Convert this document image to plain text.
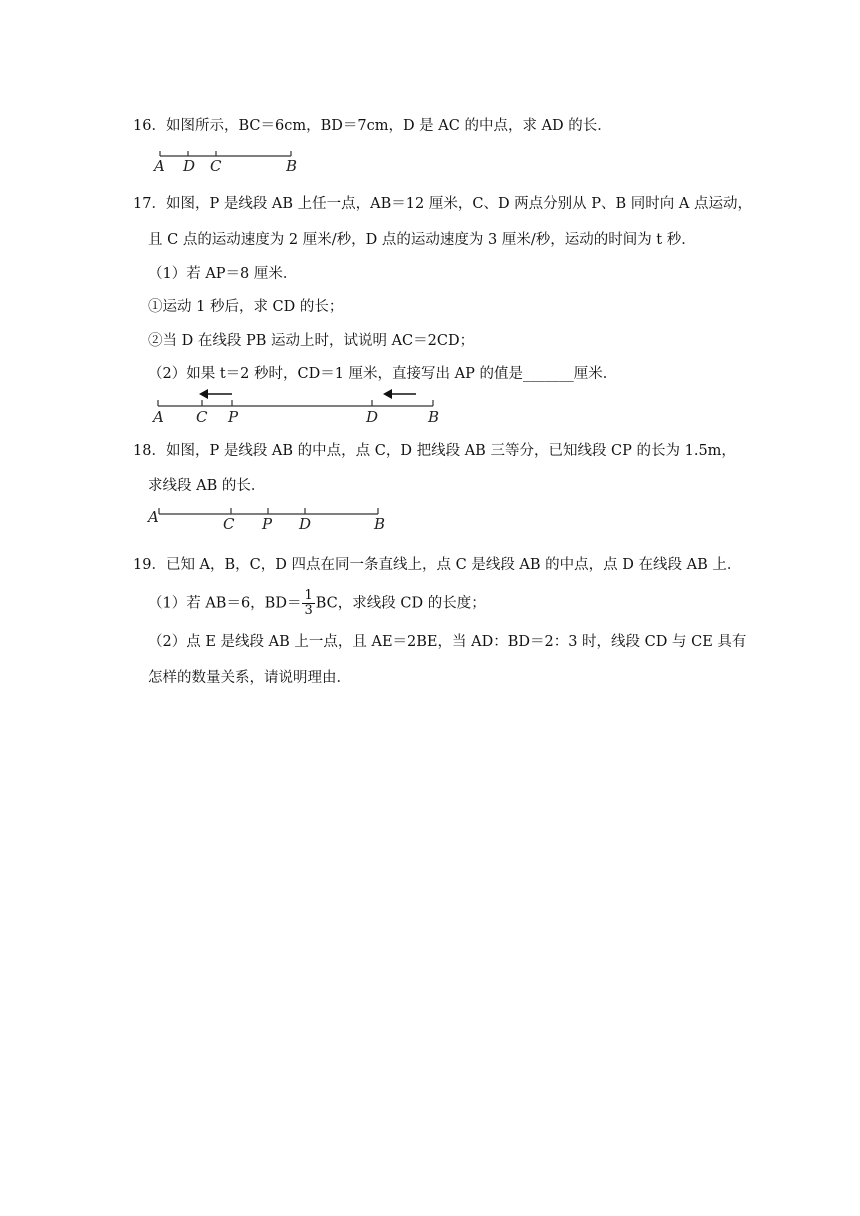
16．如图所示，BC＝6cm，BD＝7cm，D 是 AC 的中点，求 AD 的长．
A D C	B
17．如图，P 是线段 AB 上任一点，AB＝12 厘米，C、D 两点分别从 P、B 同时向 A 点运动，
且 C 点的运动速度为 2 厘米/秒，D 点的运动速度为 3 厘米/秒，运动的时间为 t 秒．
（1）若 AP＝8 厘米．
①运动 1 秒后，求 CD 的长；
②当 D 在线段 PB 运动上时，试说明 AC＝2CD；
（2）如果 t＝2 秒时，CD＝1 厘米，直接写出 AP 的值是_______厘米．
A C P	D	B
18．如图，P 是线段 AB 的中点，点 C，D 把线段 AB 三等分，已知线段 CP 的长为 1.5m，
求线段 AB 的长．
A	C P D	B
19．已知 A，B，C，D 四点在同一条直线上，点 C 是线段 AB 的中点，点 D 在线段 AB 上．
（1）若 AB＝6，$BD= \frac{1}{3}$ BC，求线段 CD 的长度；
（2）点 E 是线段 AB 上一点，且 AE＝2BE，当 AD：BD＝2：3 时，线段 CD 与 CE 具有
怎样的数量关系，请说明理由．
